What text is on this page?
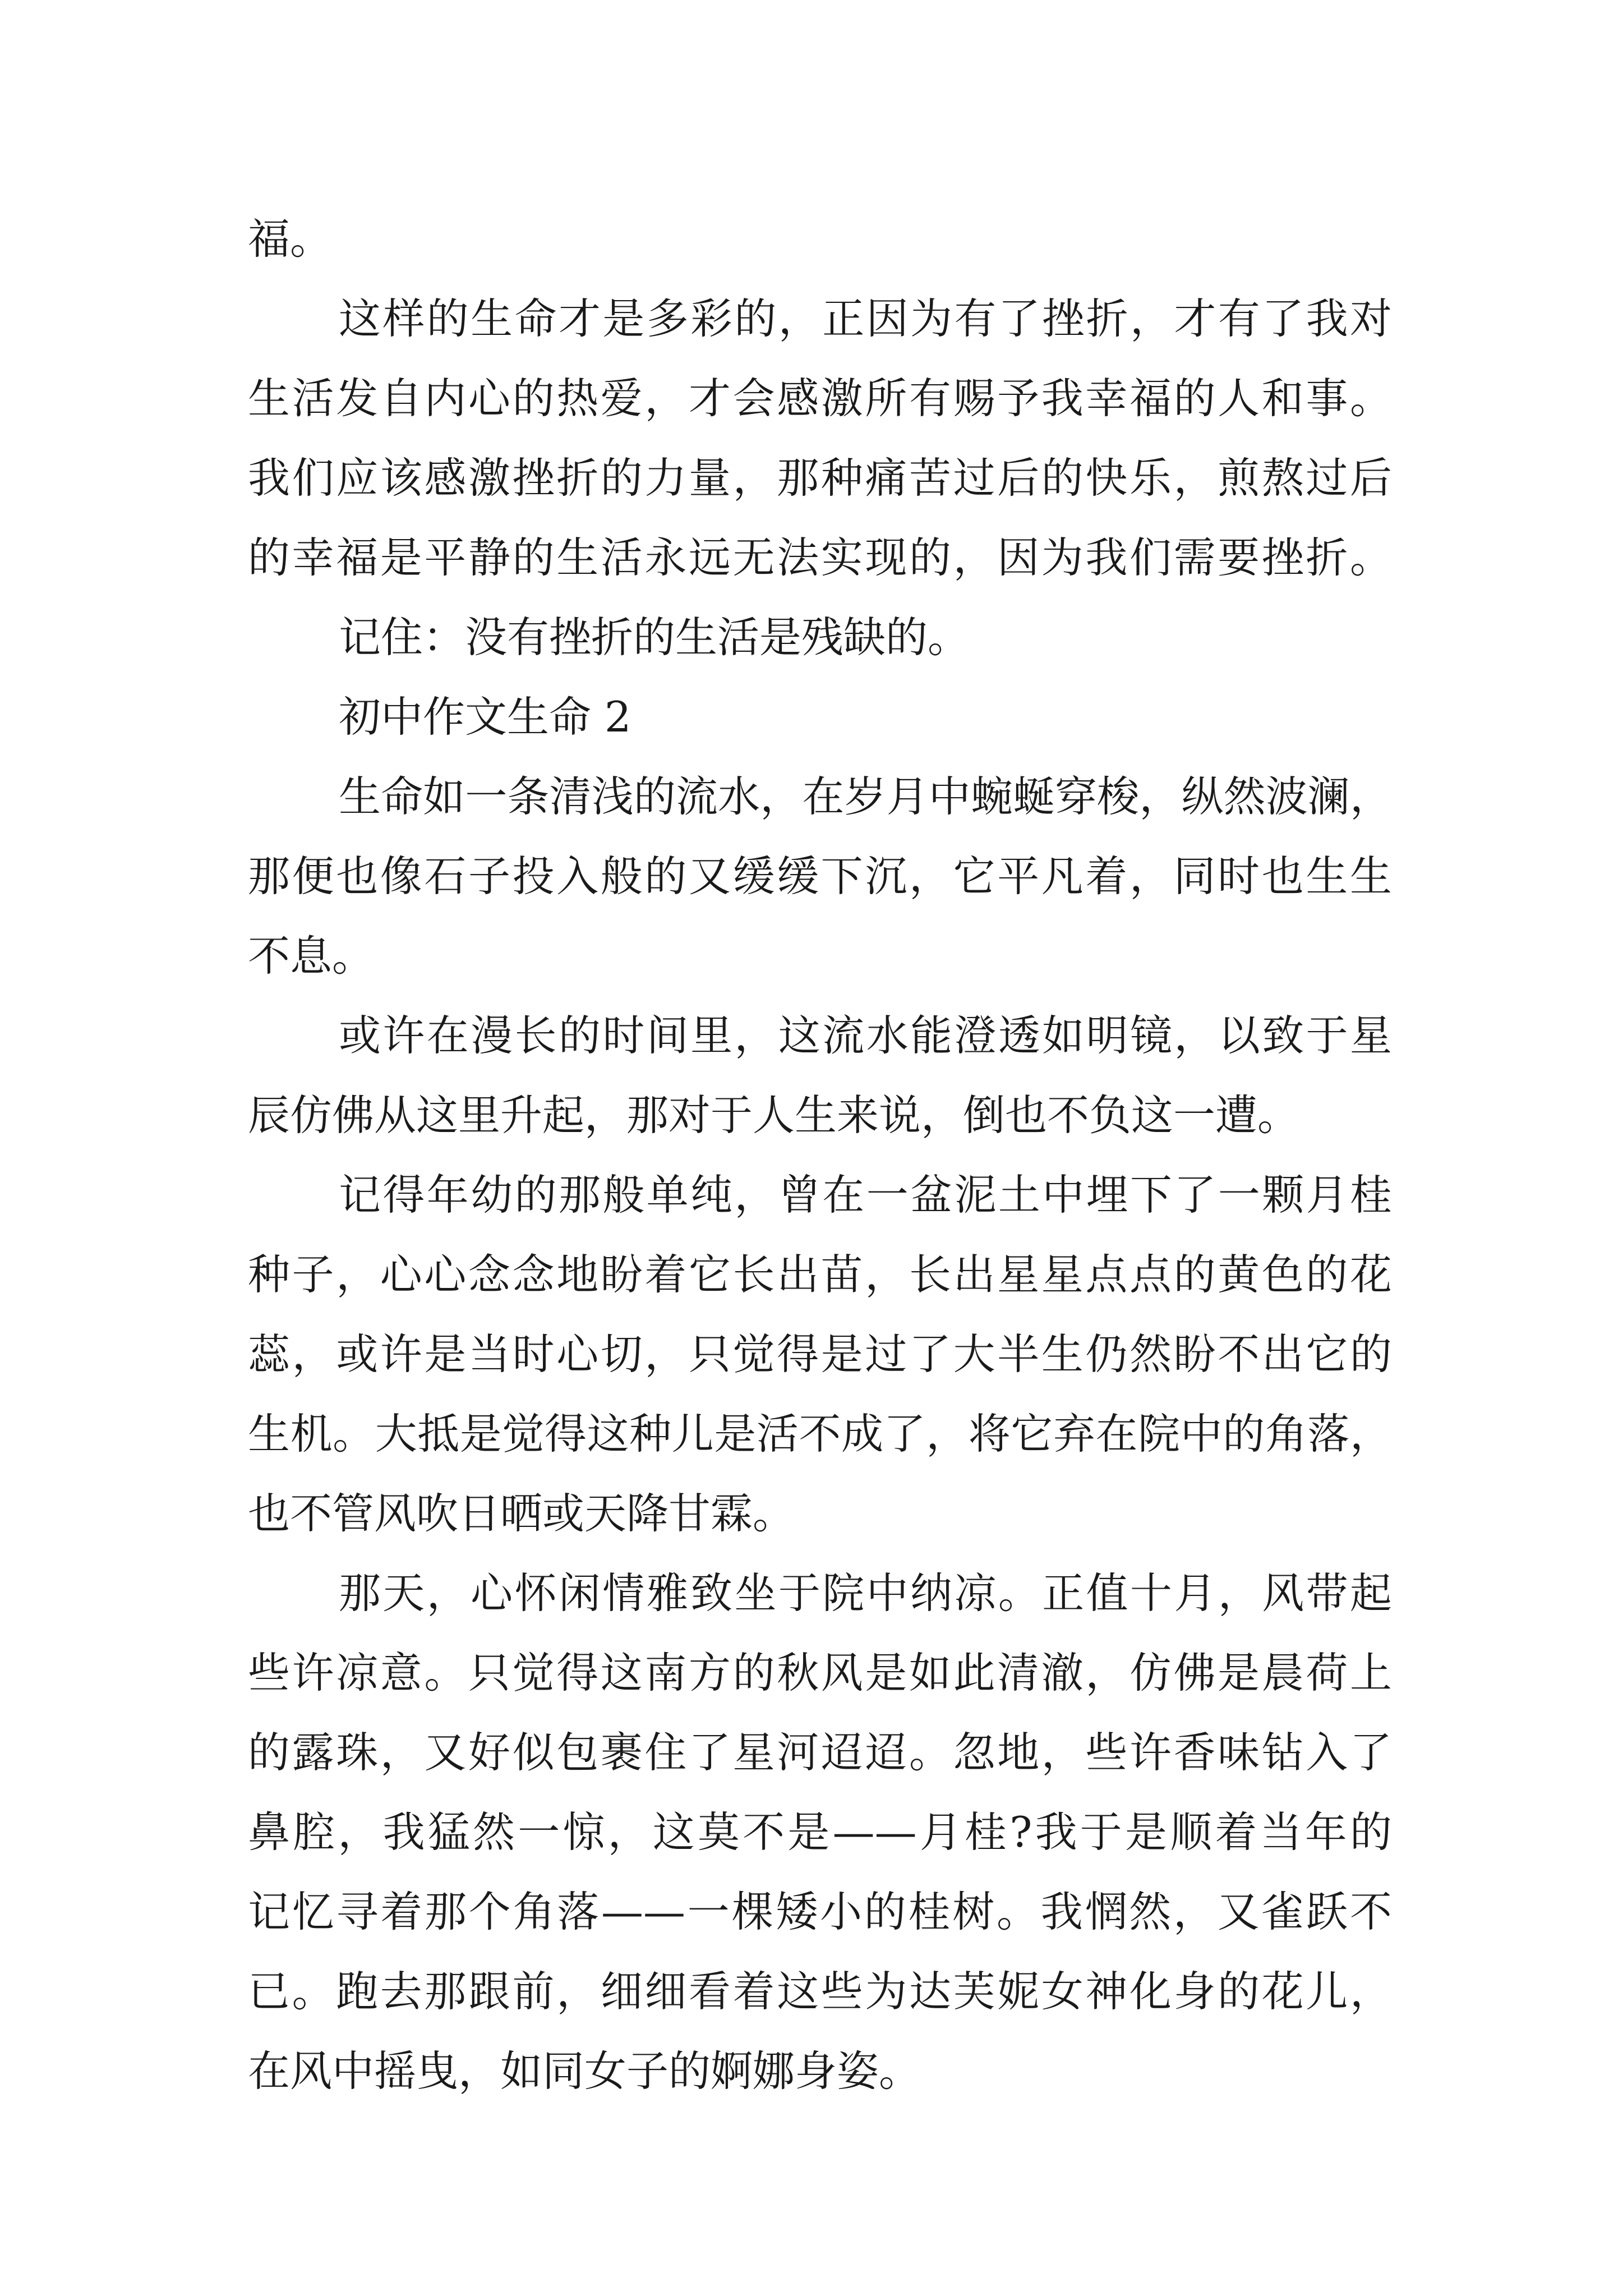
福。
这样的生命才是多彩的，正因为有了挫折，才有了我对
生活发自内心的热爱，才会感激所有赐予我幸福的人和事。
我们应该感激挫折的力量，那种痛苦过后的快乐，煎熬过后
的幸福是平静的生活永远无法实现的，因为我们需要挫折。
记住：没有挫折的生活是残缺的。
初中作文生命 2
生命如一条清浅的流水，在岁月中蜿蜒穿梭，纵然波澜，
那便也像石子投入般的又缓缓下沉，它平凡着，同时也生生
不息。
或许在漫长的时间里，这流水能澄透如明镜，以致于星
辰仿佛从这里升起，那对于人生来说，倒也不负这一遭。
记得年幼的那般单纯，曾在一盆泥土中埋下了一颗月桂
种子，心心念念地盼着它长出苗，长出星星点点的黄色的花
蕊，或许是当时心切，只觉得是过了大半生仍然盼不出它的
生机。大抵是觉得这种儿是活不成了，将它弃在院中的角落，
也不管风吹日晒或天降甘霖。
那天，心怀闲情雅致坐于院中纳凉。正值十月，风带起
些许凉意。只觉得这南方的秋风是如此清澈，仿佛是晨荷上
的露珠，又好似包裹住了星河迢迢。忽地，些许香味钻入了
鼻腔，我猛然一惊，这莫不是——月桂?我于是顺着当年的
记忆寻着那个角落——一棵矮小的桂树。我惘然，又雀跃不
已。跑去那跟前，细细看着这些为达芙妮女神化身的花儿，
在风中摇曳，如同女子的婀娜身姿。
